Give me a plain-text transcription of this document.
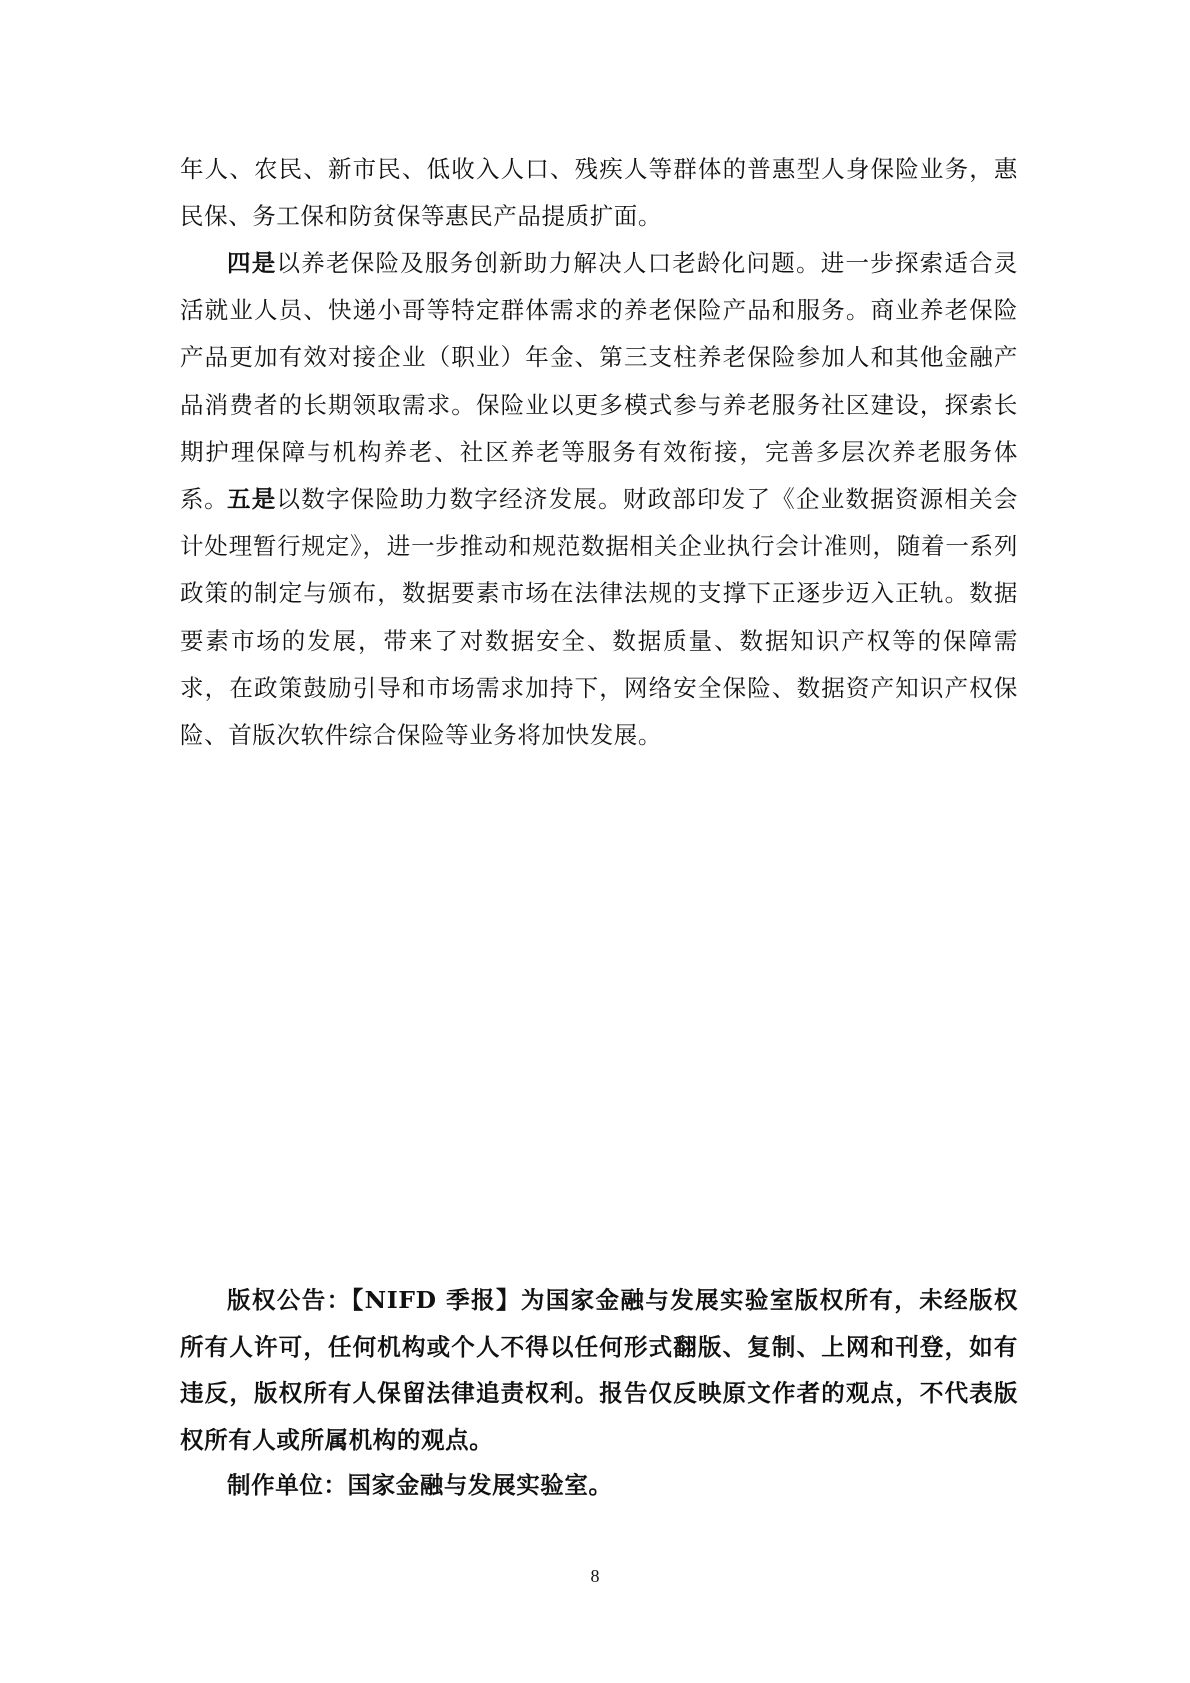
年人、农民、新市民、低收入人口、残疾人等群体的普惠型人身保险业务，惠民保、务工保和防贫保等惠民产品提质扩面。

四是以养老保险及服务创新助力解决人口老龄化问题。进一步探索适合灵活就业人员、快递小哥等特定群体需求的养老保险产品和服务。商业养老保险产品更加有效对接企业（职业）年金、第三支柱养老保险参加人和其他金融产品消费者的长期领取需求。保险业以更多模式参与养老服务社区建设，探索长期护理保障与机构养老、社区养老等服务有效衔接，完善多层次养老服务体系。

五是以数字保险助力数字经济发展。财政部印发了《企业数据资源相关会计处理暂行规定》，进一步推动和规范数据相关企业执行会计准则，随着一系列政策的制定与颁布，数据要素市场在法律法规的支撑下正逐步迈入正轨。数据要素市场的发展，带来了对数据安全、数据质量、数据知识产权等的保障需求，在政策鼓励引导和市场需求加持下，网络安全保险、数据资产知识产权保险、首版次软件综合保险等业务将加快发展。

版权公告：【NIFD 季报】为国家金融与发展实验室版权所有，未经版权所有人许可，任何机构或个人不得以任何形式翻版、复制、上网和刊登，如有违反，版权所有人保留法律追责权利。报告仅反映原文作者的观点，不代表版权所有人或所属机构的观点。

制作单位：国家金融与发展实验室。

8
